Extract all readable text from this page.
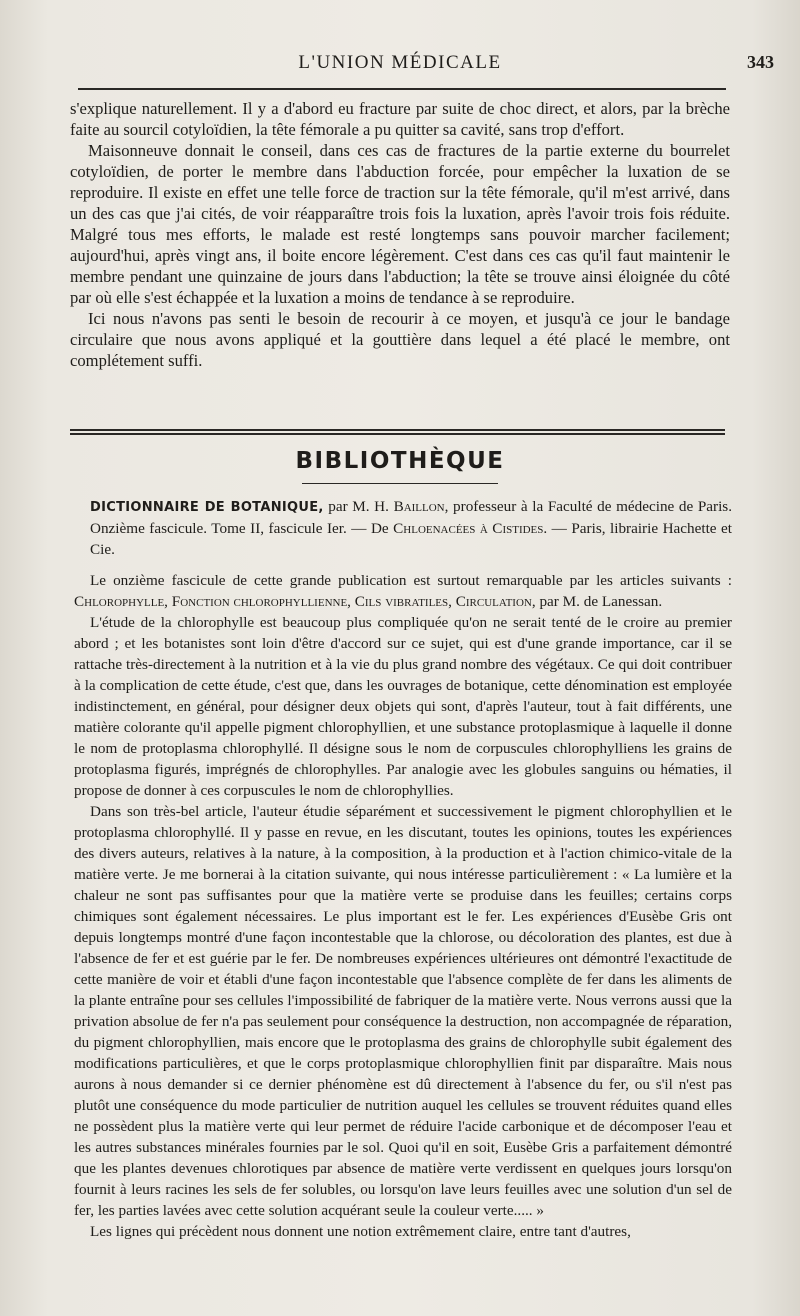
L'UNION MÉDICALE	343

s'explique naturellement. Il y a d'abord eu fracture par suite de choc direct, et alors, par la brèche faite au sourcil cotyloïdien, la tête fémorale a pu quitter sa cavité, sans trop d'effort.

Maisonneuve donnait le conseil, dans ces cas de fractures de la partie externe du bourrelet cotyloïdien, de porter le membre dans l'abduction forcée, pour empêcher la luxation de se reproduire. Il existe en effet une telle force de traction sur la tête fémorale, qu'il m'est arrivé, dans un des cas que j'ai cités, de voir réapparaître trois fois la luxation, après l'avoir trois fois réduite. Malgré tous mes efforts, le malade est resté longtemps sans pouvoir marcher facilement; aujourd'hui, après vingt ans, il boite encore légèrement. C'est dans ces cas qu'il faut maintenir le membre pendant une quinzaine de jours dans l'abduction; la tête se trouve ainsi éloignée du côté par où elle s'est échappée et la luxation a moins de tendance à se reproduire.

Ici nous n'avons pas senti le besoin de recourir à ce moyen, et jusqu'à ce jour le bandage circulaire que nous avons appliqué et la gouttière dans lequel a été placé le membre, ont complétement suffi.

BIBLIOTHÈQUE

DICTIONNAIRE DE BOTANIQUE, par M. H. Baillon, professeur à la Faculté de médecine de Paris. Onzième fascicule. Tome II, fascicule Ier. — De Chloenacées à Cistides. — Paris, librairie Hachette et Cie.

Le onzième fascicule de cette grande publication est surtout remarquable par les articles suivants : Chlorophylle, Fonction chlorophyllienne, Cils vibratiles, Circulation, par M. de Lanessan.

L'étude de la chlorophylle est beaucoup plus compliquée qu'on ne serait tenté de le croire au premier abord ; et les botanistes sont loin d'être d'accord sur ce sujet, qui est d'une grande importance, car il se rattache très-directement à la nutrition et à la vie du plus grand nombre des végétaux. Ce qui doit contribuer à la complication de cette étude, c'est que, dans les ouvrages de botanique, cette dénomination est employée indistinctement, en général, pour désigner deux objets qui sont, d'après l'auteur, tout à fait différents, une matière colorante qu'il appelle pigment chlorophyllien, et une substance protoplasmique à laquelle il donne le nom de protoplasma chlorophyllé. Il désigne sous le nom de corpuscules chlorophylliens les grains de protoplasma figurés, imprégnés de chlorophylles. Par analogie avec les globules sanguins ou hématies, il propose de donner à ces corpuscules le nom de chlorophyllies.

Dans son très-bel article, l'auteur étudie séparément et successivement le pigment chlorophyllien et le protoplasma chlorophyllé. Il y passe en revue, en les discutant, toutes les opinions, toutes les expériences des divers auteurs, relatives à la nature, à la composition, à la production et à l'action chimico-vitale de la matière verte. Je me bornerai à la citation suivante, qui nous intéresse particulièrement : « La lumière et la chaleur ne sont pas suffisantes pour que la matière verte se produise dans les feuilles; certains corps chimiques sont également nécessaires. Le plus important est le fer. Les expériences d'Eusèbe Gris ont depuis longtemps montré d'une façon incontestable que la chlorose, ou décoloration des plantes, est due à l'absence de fer et est guérie par le fer. De nombreuses expériences ultérieures ont démontré l'exactitude de cette manière de voir et établi d'une façon incontestable que l'absence complète de fer dans les aliments de la plante entraîne pour ses cellules l'impossibilité de fabriquer de la matière verte. Nous verrons aussi que la privation absolue de fer n'a pas seulement pour conséquence la destruction, non accompagnée de réparation, du pigment chlorophyllien, mais encore que le protoplasma des grains de chlorophylle subit également des modifications particulières, et que le corps protoplasmique chlorophyllien finit par disparaître. Mais nous aurons à nous demander si ce dernier phénomène est dû directement à l'absence du fer, ou s'il n'est pas plutôt une conséquence du mode particulier de nutrition auquel les cellules se trouvent réduites quand elles ne possèdent plus la matière verte qui leur permet de réduire l'acide carbonique et de décomposer l'eau et les autres substances minérales fournies par le sol. Quoi qu'il en soit, Eusèbe Gris a parfaitement démontré que les plantes devenues chlorotiques par absence de matière verte verdissent en quelques jours lorsqu'on fournit à leurs racines les sels de fer solubles, ou lorsqu'on lave leurs feuilles avec une solution d'un sel de fer, les parties lavées avec cette solution acquérant seule la couleur verte..... »

Les lignes qui précèdent nous donnent une notion extrêmement claire, entre tant d'autres,
